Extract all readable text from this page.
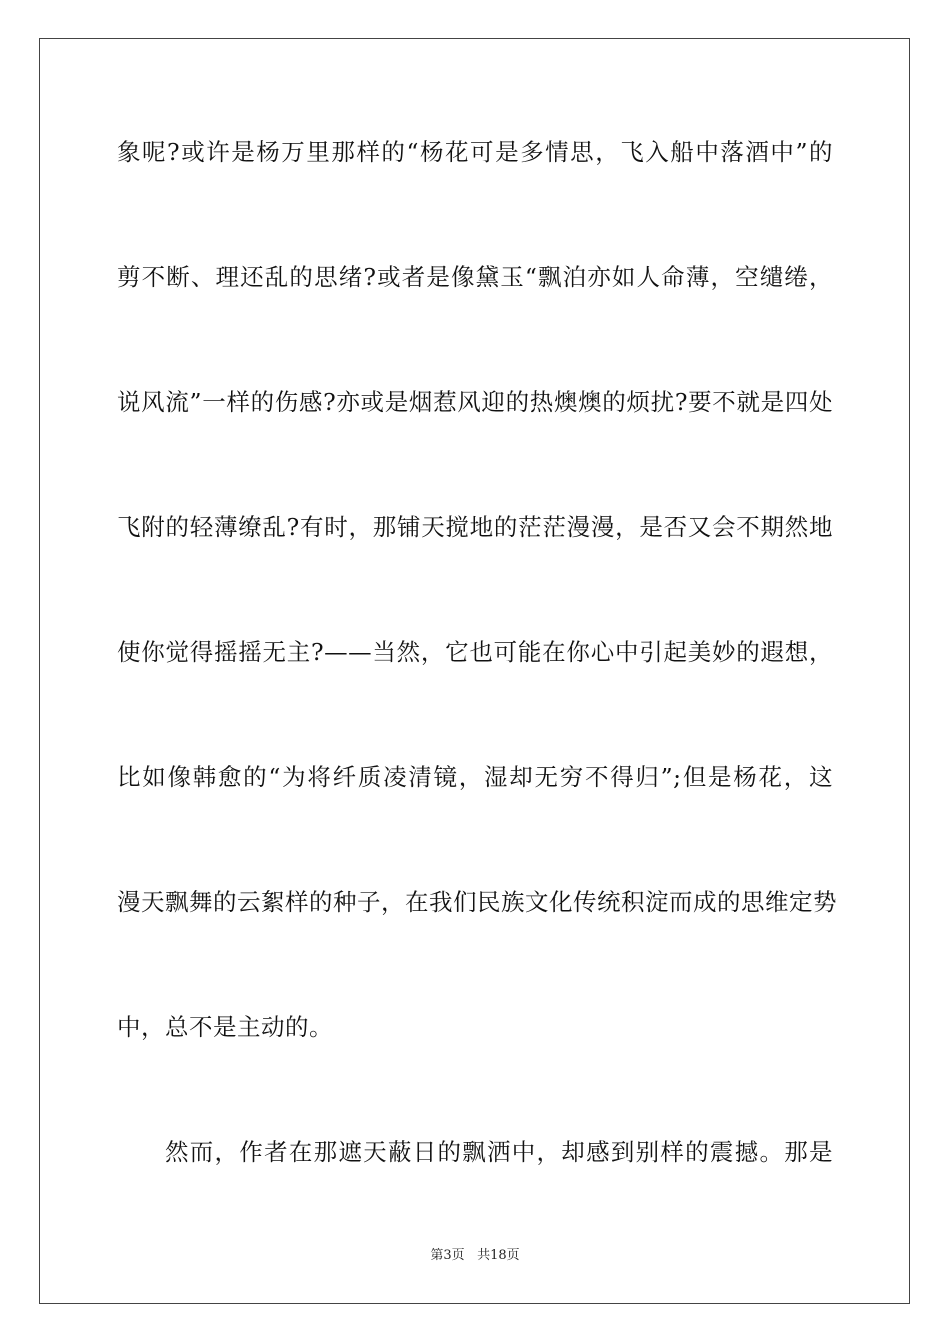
象呢?或许是杨万里那样的“杨花可是多情思，飞入船中落酒中”的
剪不断、理还乱的思绪?或者是像黛玉“飘泊亦如人命薄，空缱绻，
说风流”一样的伤感?亦或是烟惹风迎的热燠燠的烦扰?要不就是四处
飞附的轻薄缭乱?有时，那铺天搅地的茫茫漫漫，是否又会不期然地
使你觉得摇摇无主?——当然，它也可能在你心中引起美妙的遐想，
比如像韩愈的“为将纤质凌清镜，湿却无穷不得归”;但是杨花，这
漫天飘舞的云絮样的种子，在我们民族文化传统积淀而成的思维定势
中，总不是主动的。
然而，作者在那遮天蔽日的飘洒中，却感到别样的震撼。那是
第3页 共18页
